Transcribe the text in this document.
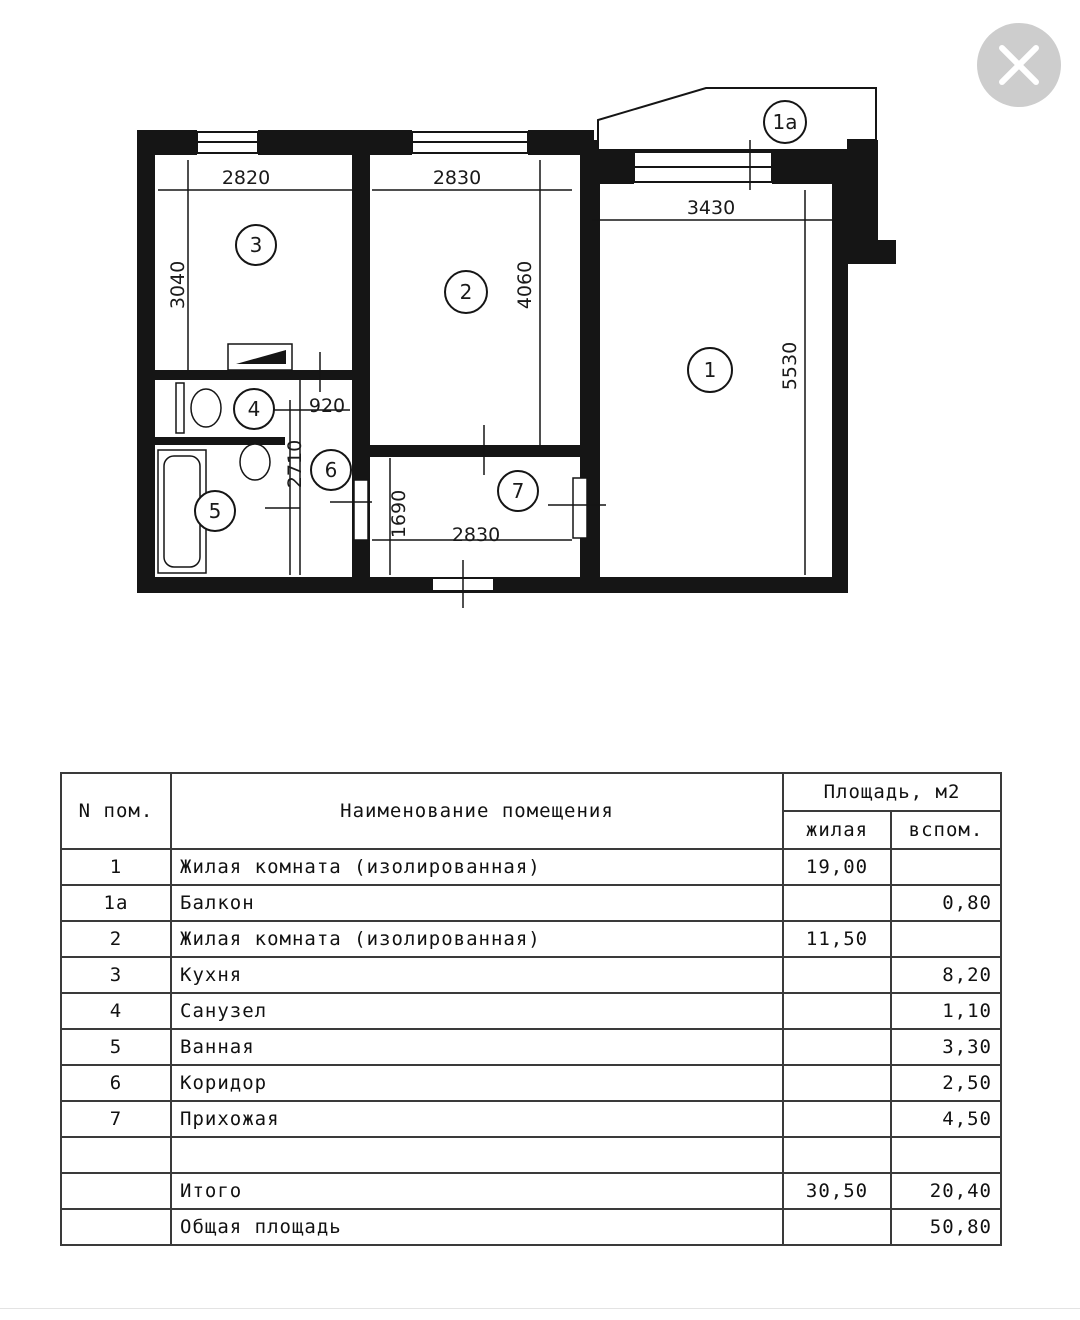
1
1a
2
3
4
5
6
7
2820	2830
3430
2830
920
3040	4060
5530
2710
1690
N пом.	Наименование помещения	Площадь, м2	
		жилая	вспом.
1	Жилая комната (изолированная)	19,00	
1а	Балкон		0,80
2	Жилая комната (изолированная)	11,50	
3	Кухня		8,20
4	Санузел		1,10
5	Ванная		3,30
6	Коридор		2,50
7	Прихожая		4,50

	Итого	30,50	20,40
	Общая площадь		50,80
